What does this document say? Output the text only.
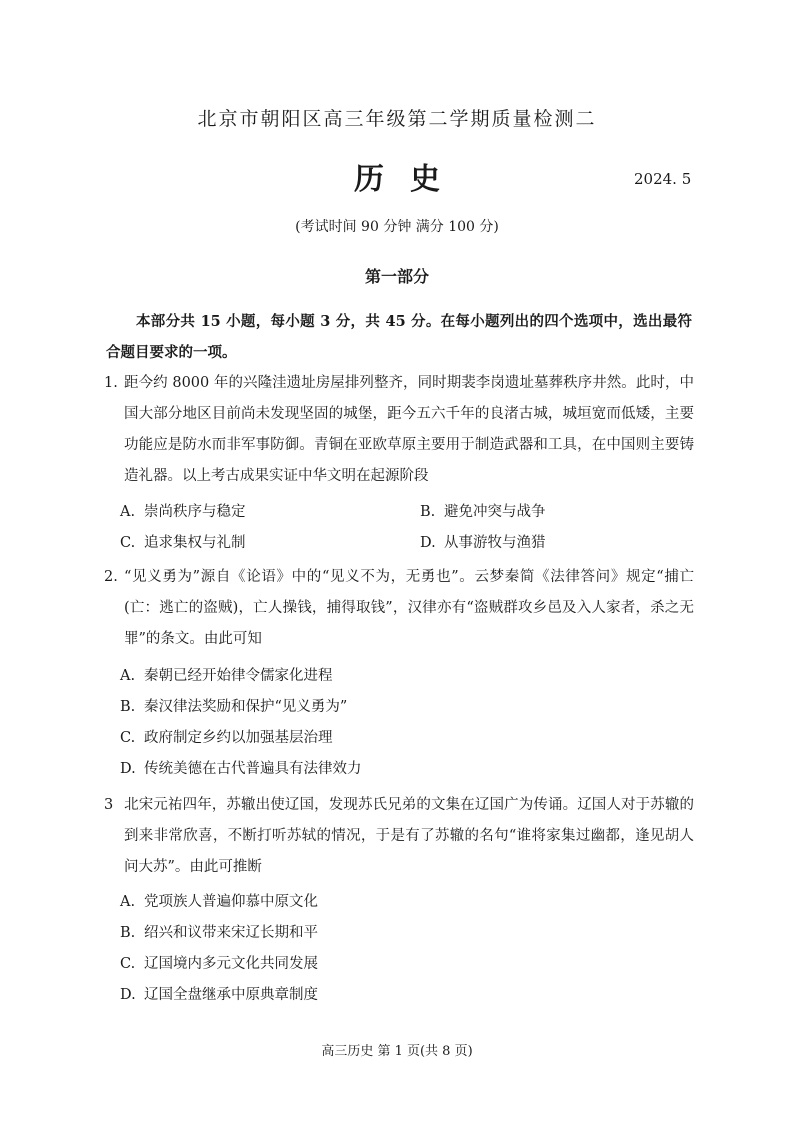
北京市朝阳区高三年级第二学期质量检测二
历史	2024. 5
(考试时间 90 分钟 满分 100 分)
第一部分
本部分共 15 小题，每小题 3 分，共 45 分。在每小题列出的四个选项中，选出最符合题目要求的一项。
1. 距今约 8000 年的兴隆洼遗址房屋排列整齐，同时期裴李岗遗址墓葬秩序井然。此时，中国大部分地区目前尚未发现坚固的城堡，距今五六千年的良渚古城，城垣宽而低矮，主要功能应是防水而非军事防御。青铜在亚欧草原主要用于制造武器和工具，在中国则主要铸造礼器。以上考古成果实证中华文明在起源阶段
A. 崇尚秩序与稳定	B. 避免冲突与战争
C. 追求集权与礼制	D. 从事游牧与渔猎
2. “见义勇为”源自《论语》中的“见义不为，无勇也”。云梦秦简《法律答问》规定“捕亡(亡：逃亡的盗贼)，亡人操钱，捕得取钱”，汉律亦有“盗贼群攻乡邑及入人家者，杀之无罪”的条文。由此可知
A. 秦朝已经开始律令儒家化进程
B. 秦汉律法奖励和保护“见义勇为”
C. 政府制定乡约以加强基层治理
D. 传统美德在古代普遍具有法律效力
3 北宋元祐四年，苏辙出使辽国，发现苏氏兄弟的文集在辽国广为传诵。辽国人对于苏辙的到来非常欣喜，不断打听苏轼的情况，于是有了苏辙的名句“谁将家集过幽都，逢见胡人问大苏”。由此可推断
A. 党项族人普遍仰慕中原文化
B. 绍兴和议带来宋辽长期和平
C. 辽国境内多元文化共同发展
D. 辽国全盘继承中原典章制度
高三历史 第 1 页(共 8 页)
